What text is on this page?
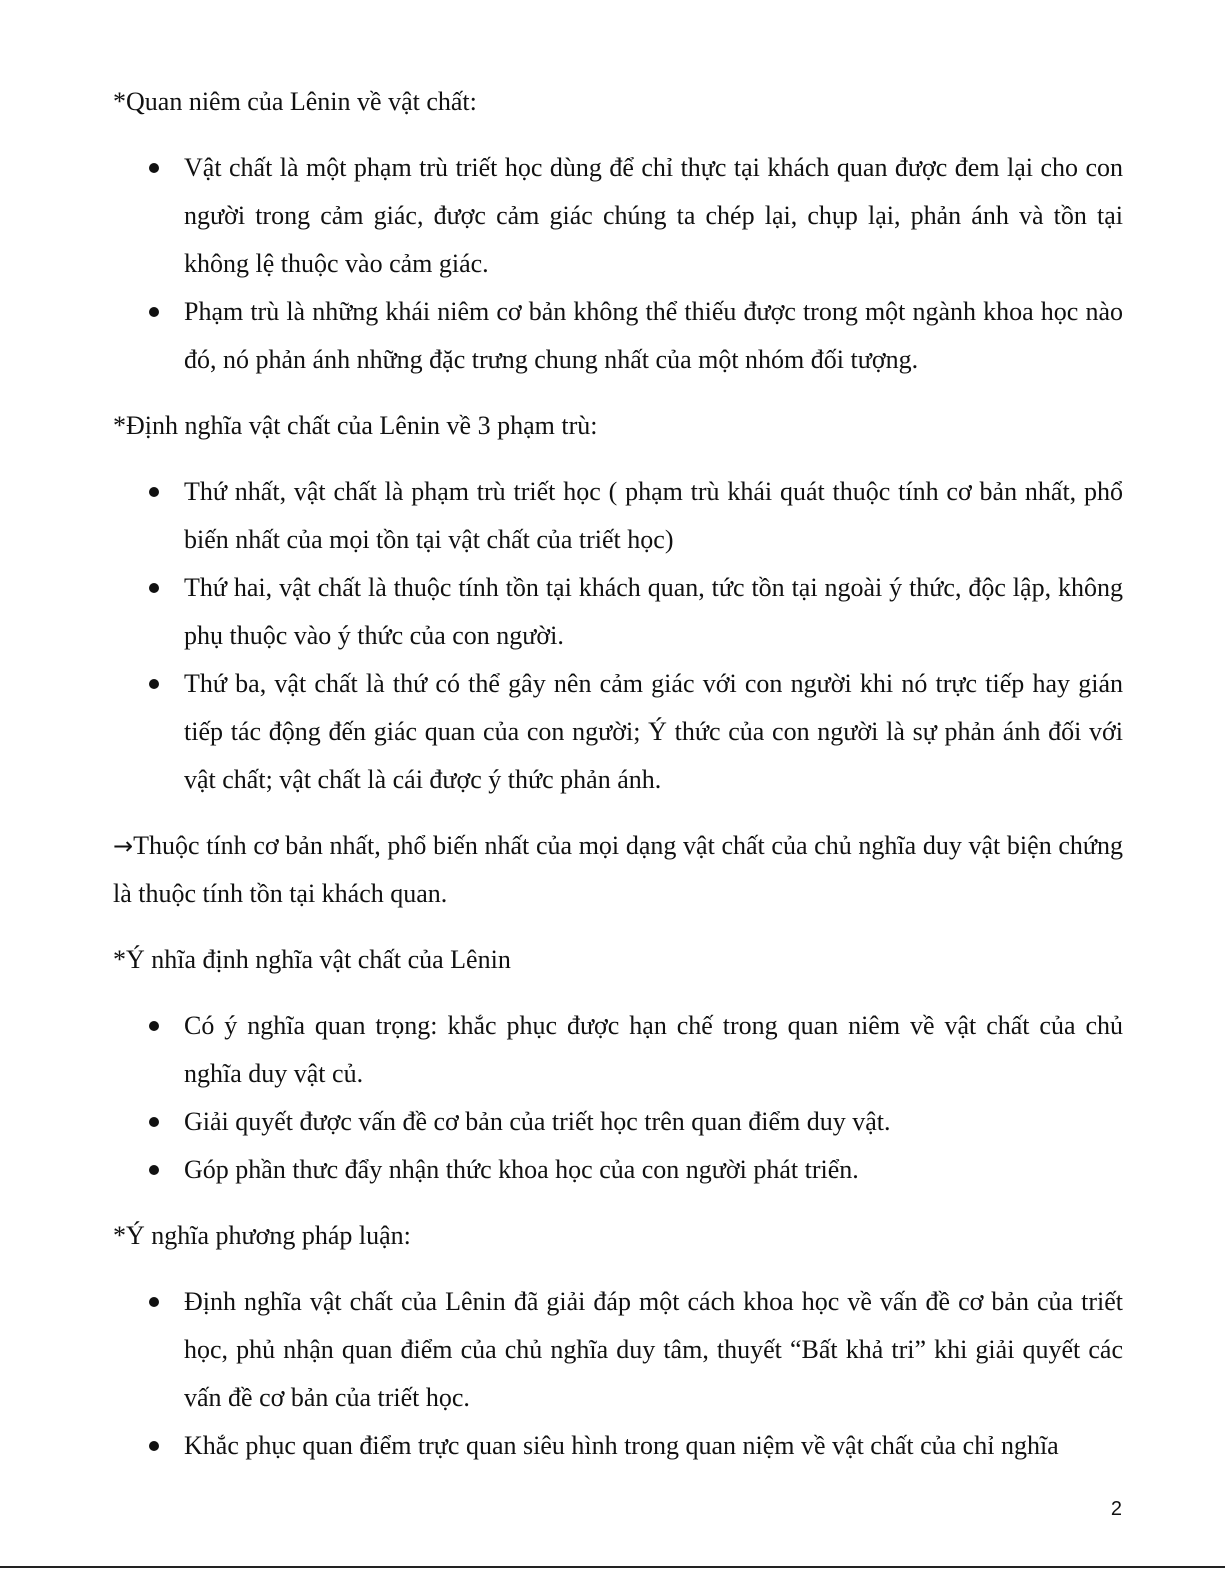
*Quan niêm của Lênin về vật chất:

Vật chất là một phạm trù triết học dùng để chỉ thực tại khách quan được đem lại cho con người trong cảm giác, được cảm giác chúng ta chép lại, chụp lại, phản ánh và tồn tại không lệ thuộc vào cảm giác.
Phạm trù là những khái niêm cơ bản không thể thiếu được trong một ngành khoa học nào đó, nó phản ánh những đặc trưng chung nhất của một nhóm đối tượng.

*Định nghĩa vật chất của Lênin về 3 phạm trù:

Thứ nhất, vật chất là phạm trù triết học ( phạm trù khái quát thuộc tính cơ bản nhất, phổ biến nhất của mọi tồn tại vật chất của triết học)
Thứ hai, vật chất là thuộc tính tồn tại khách quan, tức tồn tại ngoài ý thức, độc lập, không phụ thuộc vào ý thức của con người.
Thứ ba, vật chất là thứ có thể gây nên cảm giác với con người khi nó trực tiếp hay gián tiếp tác động đến giác quan của con người; Ý thức của con người là sự phản ánh đối với vật chất; vật chất là cái được ý thức phản ánh.

→Thuộc tính cơ bản nhất, phổ biến nhất của mọi dạng vật chất của chủ nghĩa duy vật biện chứng là thuộc tính tồn tại khách quan.

*Ý nhĩa định nghĩa vật chất của Lênin

Có ý nghĩa quan trọng: khắc phục được hạn chế trong quan niêm về vật chất của chủ nghĩa duy vật củ.
Giải quyết được vấn đề cơ bản của triết học trên quan điểm duy vật.
Góp phần thưc đẩy nhận thức khoa học của con người phát triển.

*Ý nghĩa phương pháp luận:

Định nghĩa vật chất của Lênin đã giải đáp một cách khoa học về vấn đề cơ bản của triết học, phủ nhận quan điểm của chủ nghĩa duy tâm, thuyết “Bất khả tri” khi giải quyết các vấn đề cơ bản của triết học.
Khắc phục quan điểm trực quan siêu hình trong quan niệm về vật chất của chỉ nghĩa
2
